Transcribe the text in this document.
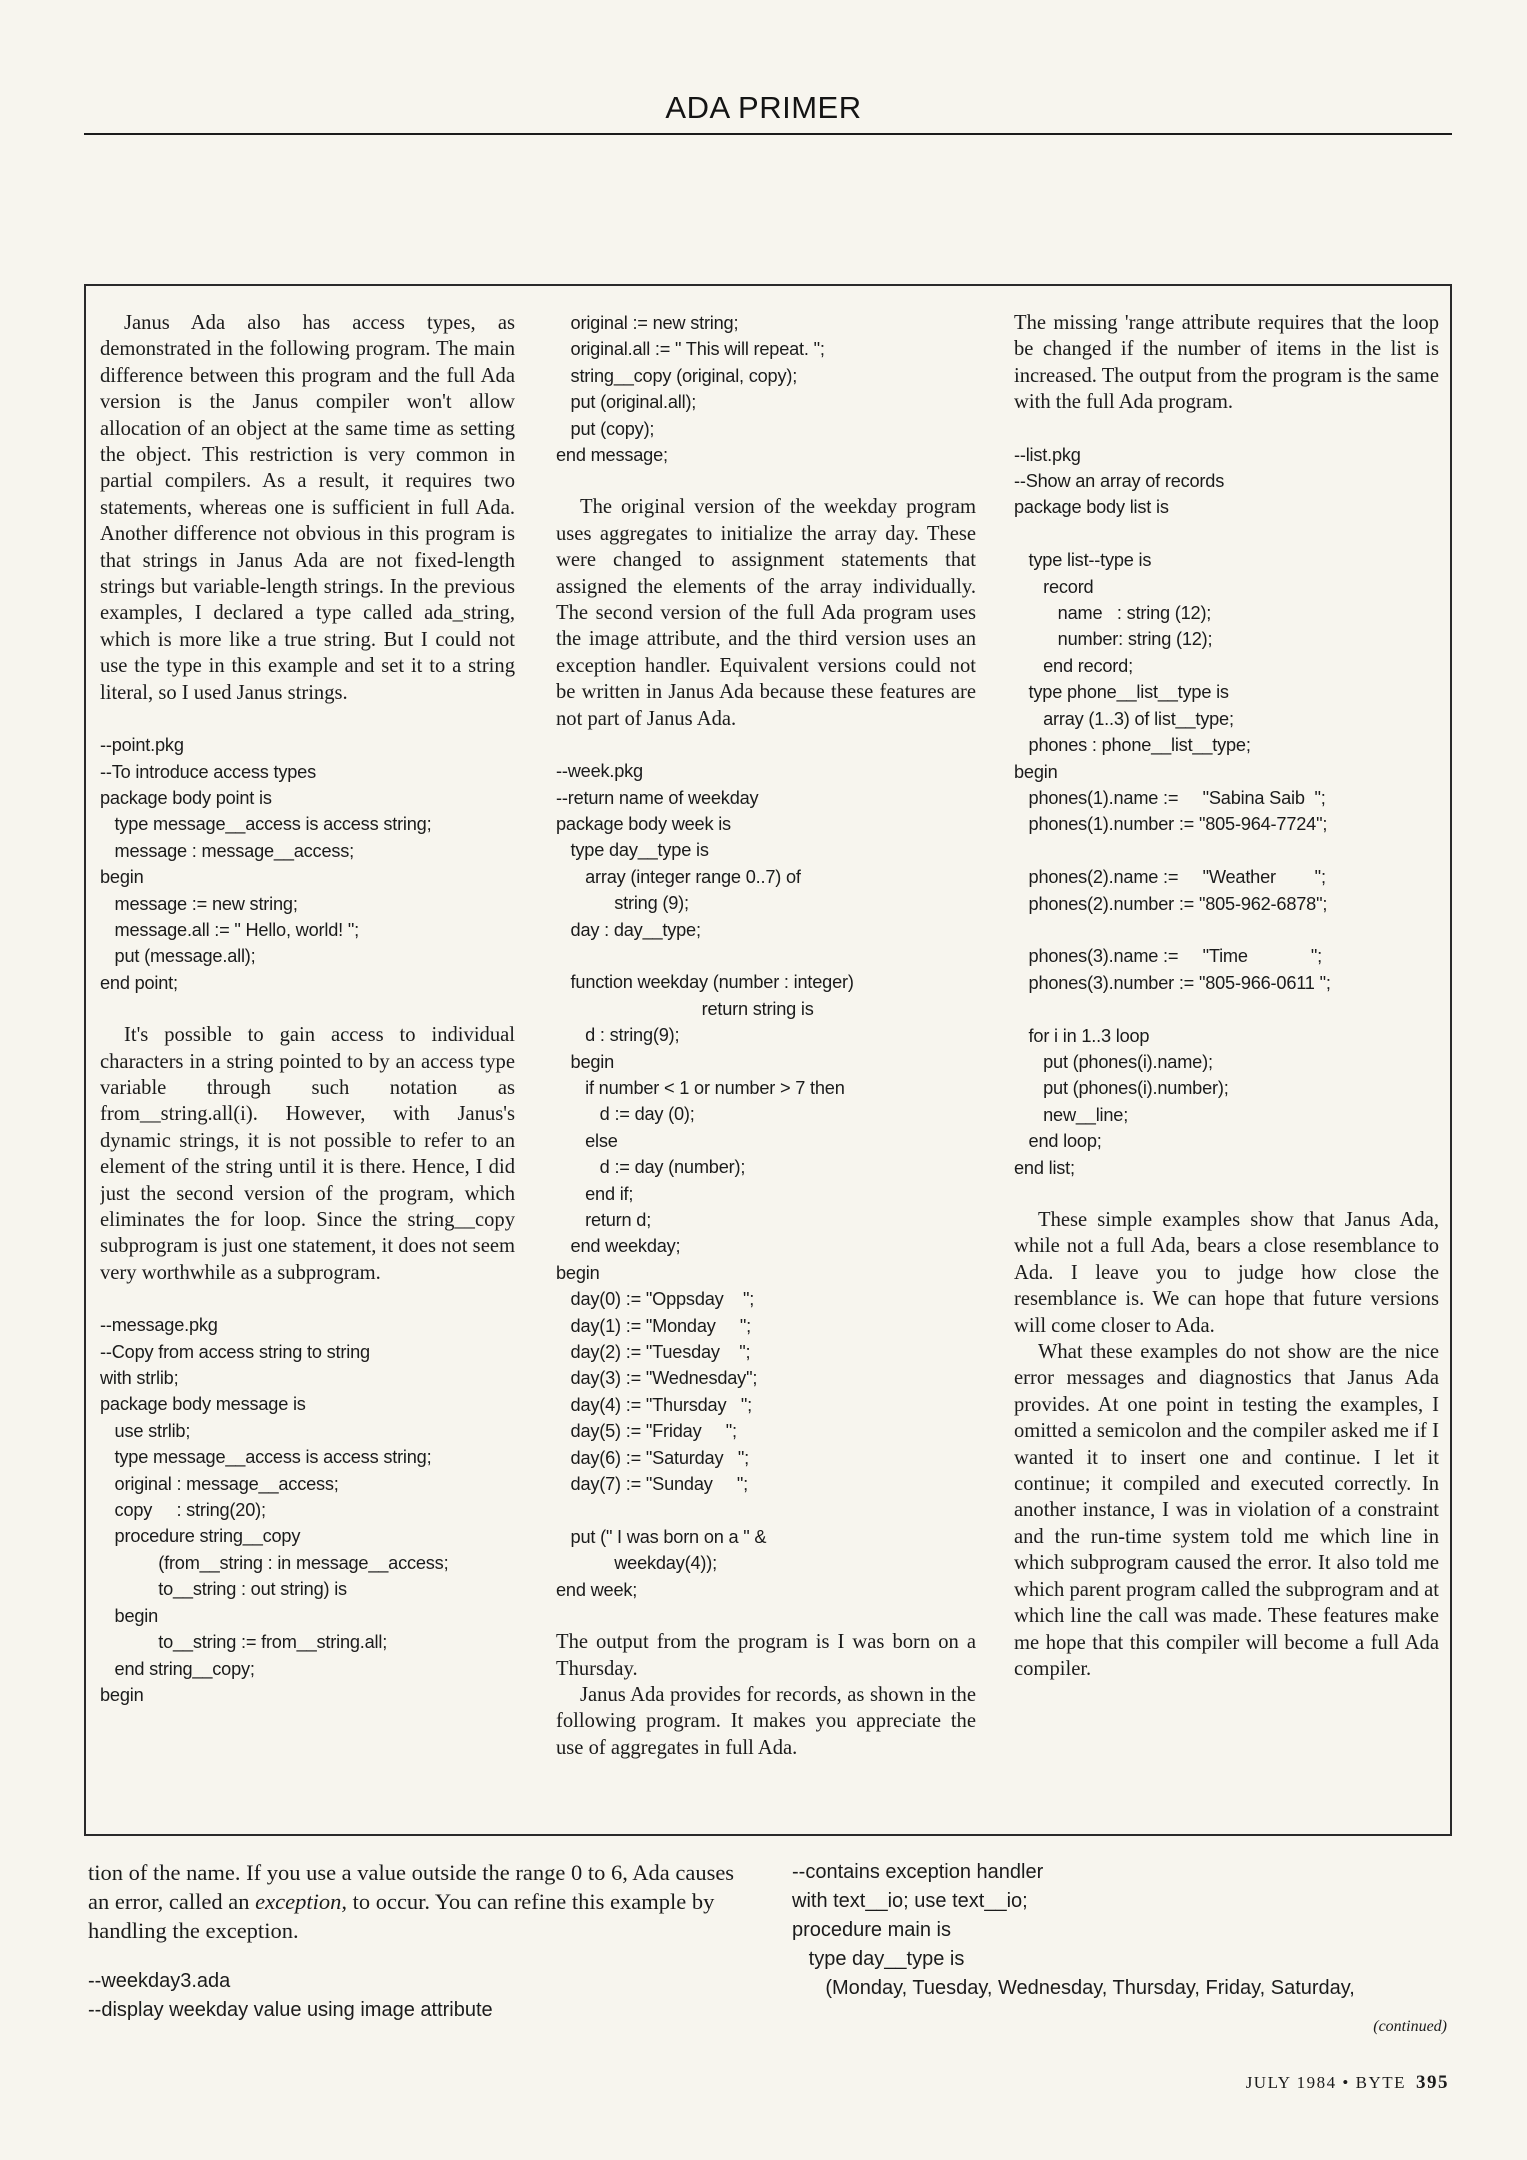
ADA PRIMER

Janus Ada also has access types, as demonstrated in the following program. The main difference between this program and the full Ada version is the Janus compiler won't allow allocation of an object at the same time as setting the object. This restriction is very common in partial compilers. As a result, it requires two statements, whereas one is sufficient in full Ada. Another difference not obvious in this program is that strings in Janus Ada are not fixed-length strings but variable-length strings. In the previous examples, I declared a type called ada_string, which is more like a true string. But I could not use the type in this example and set it to a string literal, so I used Janus strings.

--point.pkg
--To introduce access types
package body point is
type message__access is access string;
message : message__access;
begin
message := new string;
message.all := " Hello, world! ";
put (message.all);
end point;

It's possible to gain access to individual characters in a string pointed to by an access type variable through such notation as from__string.all(i). However, with Janus's dynamic strings, it is not possible to refer to an element of the string until it is there. Hence, I did just the second version of the program, which eliminates the for loop. Since the string__copy subprogram is just one statement, it does not seem very worthwhile as a subprogram.

--message.pkg
--Copy from access string to string
with strlib;
package body message is
use strlib;
type message__access is access string;
original : message__access;
copy     : string(20);
procedure string__copy
(from__string : in message__access;
to__string : out string) is
begin
to__string := from__string.all;
end string__copy;
begin

original := new string;
original.all := " This will repeat. ";
string__copy (original, copy);
put (original.all);
put (copy);
end message;

The original version of the weekday program uses aggregates to initialize the array day. These were changed to assignment statements that assigned the elements of the array individually. The second version of the full Ada program uses the image attribute, and the third version uses an exception handler. Equivalent versions could not be written in Janus Ada because these features are not part of Janus Ada.

--week.pkg
--return name of weekday
package body week is
type day__type is
array (integer range 0..7) of
string (9);
day : day__type;

function weekday (number : integer)
return string is
d : string(9);
begin
if number < 1 or number > 7 then
d := day (0);
else
d := day (number);
end if;
return d;
end weekday;
begin
day(0) := "Oppsday    ";
day(1) := "Monday     ";
day(2) := "Tuesday    ";
day(3) := "Wednesday";
day(4) := "Thursday   ";
day(5) := "Friday     ";
day(6) := "Saturday   ";
day(7) := "Sunday     ";

put (" I was born on a " &
weekday(4));
end week;

The output from the program is I was born on a Thursday.

Janus Ada provides for records, as shown in the following program. It makes you appreciate the use of aggregates in full Ada.

The missing 'range attribute requires that the loop be changed if the number of items in the list is increased. The output from the program is the same with the full Ada program.

--list.pkg
--Show an array of records
package body list is

type list--type is
record
name   : string (12);
number: string (12);
end record;
type phone__list__type is
array (1..3) of list__type;
phones : phone__list__type;
begin
phones(1).name :=     "Sabina Saib  ";
phones(1).number := "805-964-7724";

phones(2).name :=     "Weather        ";
phones(2).number := "805-962-6878";

phones(3).name :=     "Time             ";
phones(3).number := "805-966-0611 ";

for i in 1..3 loop
put (phones(i).name);
put (phones(i).number);
new__line;
end loop;
end list;

These simple examples show that Janus Ada, while not a full Ada, bears a close resemblance to Ada. I leave you to judge how close the resemblance is. We can hope that future versions will come closer to Ada.

What these examples do not show are the nice error messages and diagnostics that Janus Ada provides. At one point in testing the examples, I omitted a semicolon and the compiler asked me if I wanted it to insert one and continue. I let it continue; it compiled and executed correctly. In another instance, I was in violation of a constraint and the run-time system told me which line in which subprogram caused the error. It also told me which parent program called the subprogram and at which line the call was made. These features make me hope that this compiler will become a full Ada compiler.

tion of the name. If you use a value outside the range 0 to 6, Ada causes an error, called an exception, to occur. You can refine this example by handling the exception.

--weekday3.ada
--display weekday value using image attribute

--contains exception handler
with text__io; use text__io;
procedure main is
type day__type is
(Monday, Tuesday, Wednesday, Thursday, Friday, Saturday,

(continued)
JULY 1984 • BYTE 395
